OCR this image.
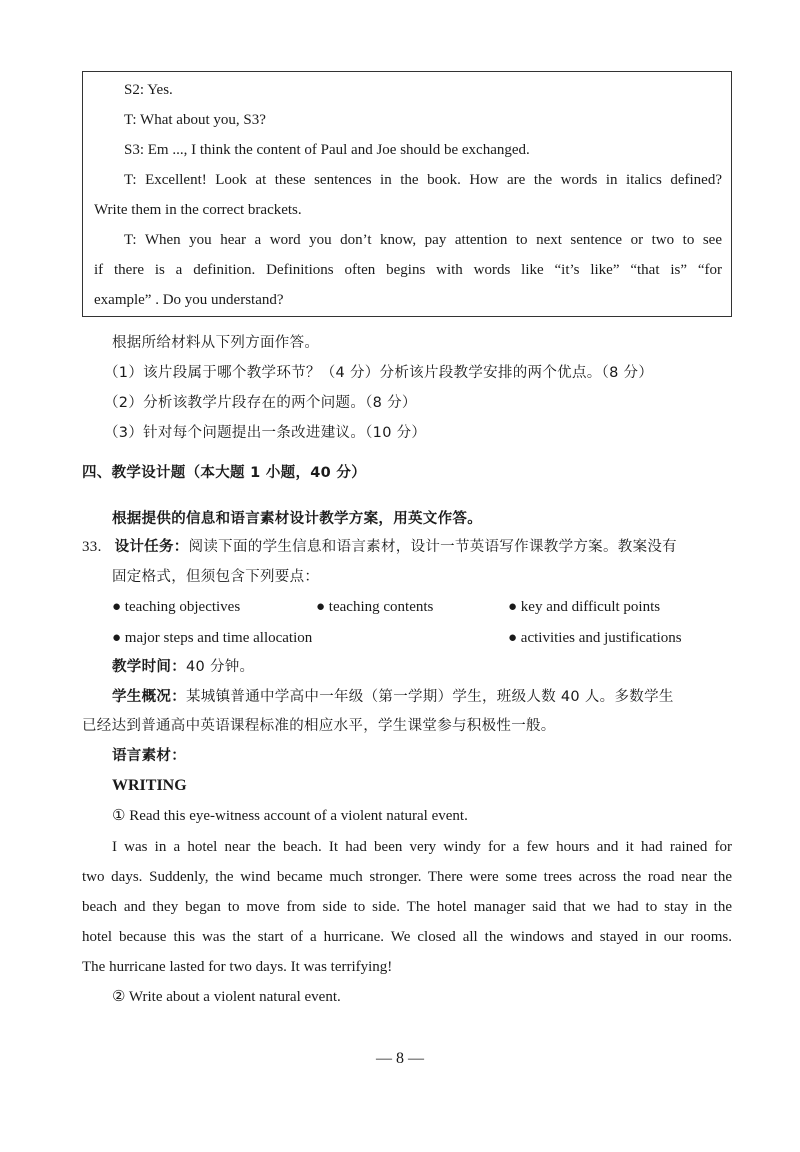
S2: Yes.
T: What about you, S3?
S3: Em ..., I think the content of Paul and Joe should be exchanged.
T: Excellent! Look at these sentences in the book. How are the words in italics defined?
Write them in the correct brackets.
T: When you hear a word you don’t know, pay attention to next sentence or two to see
if there is a definition. Definitions often begins with words like “it’s like” “that is” “for
example” . Do you understand?
根据所给材料从下列方面作答。
（1）该片段属于哪个教学环节？（4 分）分析该片段教学安排的两个优点。（8 分）
（2）分析该教学片段存在的两个问题。（8 分）
（3）针对每个问题提出一条改进建议。（10 分）
四、教学设计题（本大题 1 小题，40 分）
根据提供的信息和语言素材设计教学方案，用英文作答。
33. 设计任务：阅读下面的学生信息和语言素材，设计一节英语写作课教学方案。教案没有
固定格式，但须包含下列要点：
● teaching objectives	● teaching contents	● key and difficult points
● major steps and time allocation	● activities and justifications
教学时间：40 分钟。
学生概况：某城镇普通中学高中一年级（第一学期）学生，班级人数 40 人。多数学生
已经达到普通高中英语课程标准的相应水平，学生课堂参与积极性一般。
语言素材：
WRITING
① Read this eye-witness account of a violent natural event.
I was in a hotel near the beach. It had been very windy for a few hours and it had rained for
two days. Suddenly, the wind became much stronger. There were some trees across the road near the
beach and they began to move from side to side. The hotel manager said that we had to stay in the
hotel because this was the start of a hurricane. We closed all the windows and stayed in our rooms.
The hurricane lasted for two days. It was terrifying!
② Write about a violent natural event.
— 8 —
